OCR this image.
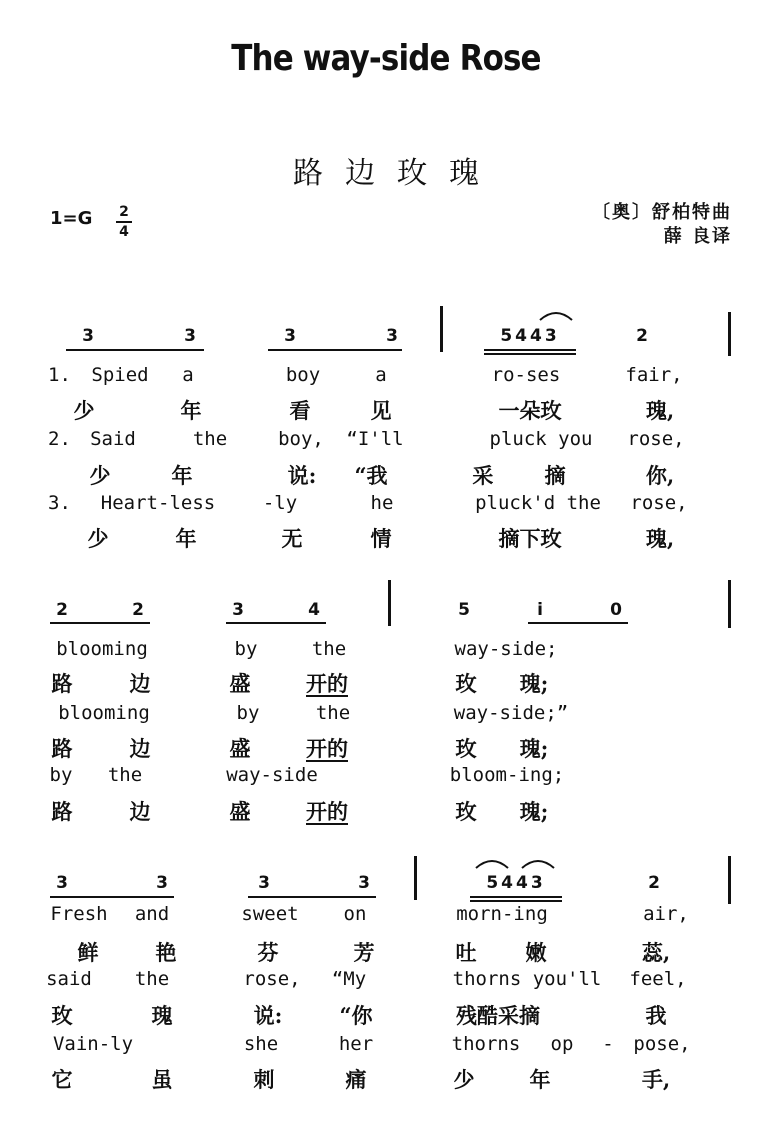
The way-side Rose
路边玫瑰
1=G 2
4
〔奥〕舒柏特曲
薛 良译
3	3	3	3	5443	2
1. Spied a	boy	a	ro-ses	fair,
少	年	看	见	一朵玫	瑰,
2. Said	the	boy, “I'll	pluck you rose,
少	年	说: “我	采 摘	你,
3. Heart-less	-ly	he	pluck'd the rose,
少	年	无	情	摘下玫	瑰,
2	2	3	4	5	i	0
blooming	by	the	way-side;
路	边	盛	开的	玫 瑰;
blooming	by	the	way-side;”
路	边	盛	开的	玫 瑰;
by the	way-side	bloom-ing;
路	边	盛	开的	玫 瑰;
3	3	3	3	5443	2
Fresh and	sweet on	morn-ing	air,
鲜	艳	芬	芳	吐 嫩	蕊,
said the	rose, “My	thorns you'll feel,
玫	瑰	说:	“你	残酷采摘	我
Vain-ly	she	her	thorns op - pose,
它	虽	刺	痛	少	年	手,
